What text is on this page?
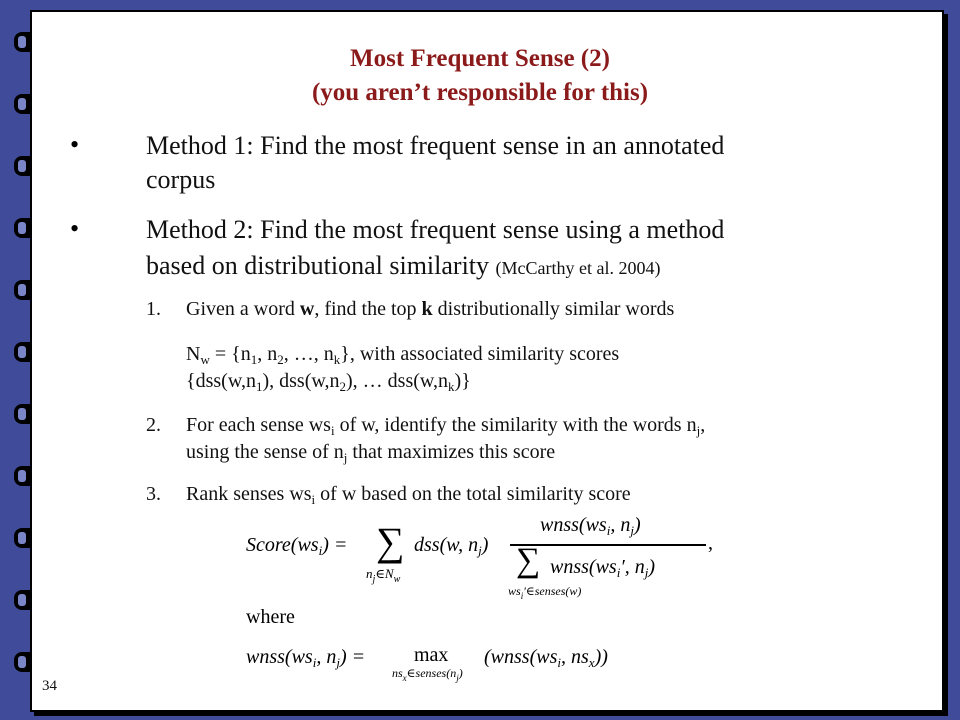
Most Frequent Sense (2)
(you aren’t responsible for this)
•	Method 1: Find the most frequent sense in an annotated
corpus
•	Method 2: Find the most frequent sense using a method
based on distributional similarity (McCarthy et al. 2004)
1. Given a word w, find the top k distributionally similar words
$N_w = \{n_1$, $n_2$, …, $n_k$}, with associated similarity scores
{$dss(w,n_1)$, $dss(w,n_2)$, … $dss(w,n_k)$}
2. For each sense $ws_i$ of w, identify the similarity with the words $n_j$,
using the sense of $n_j$ that maximizes this score
3. Rank senses $ws_i$ of w based on the total similarity score
$Score(ws_i)$ = ∑
$n_j\in N_w$
dss(w, $n_j$)
$wnss(ws_i$, $n_j$)
∑ $wnss(ws_i'$, $n_j$)
$ws_i'\in senses(w)$
,
where
$wnss(ws_i$, $n_j) = \max$
$ns_x\in senses(n_j)$
($wnss(ws_i$, $ns_x$))
34
